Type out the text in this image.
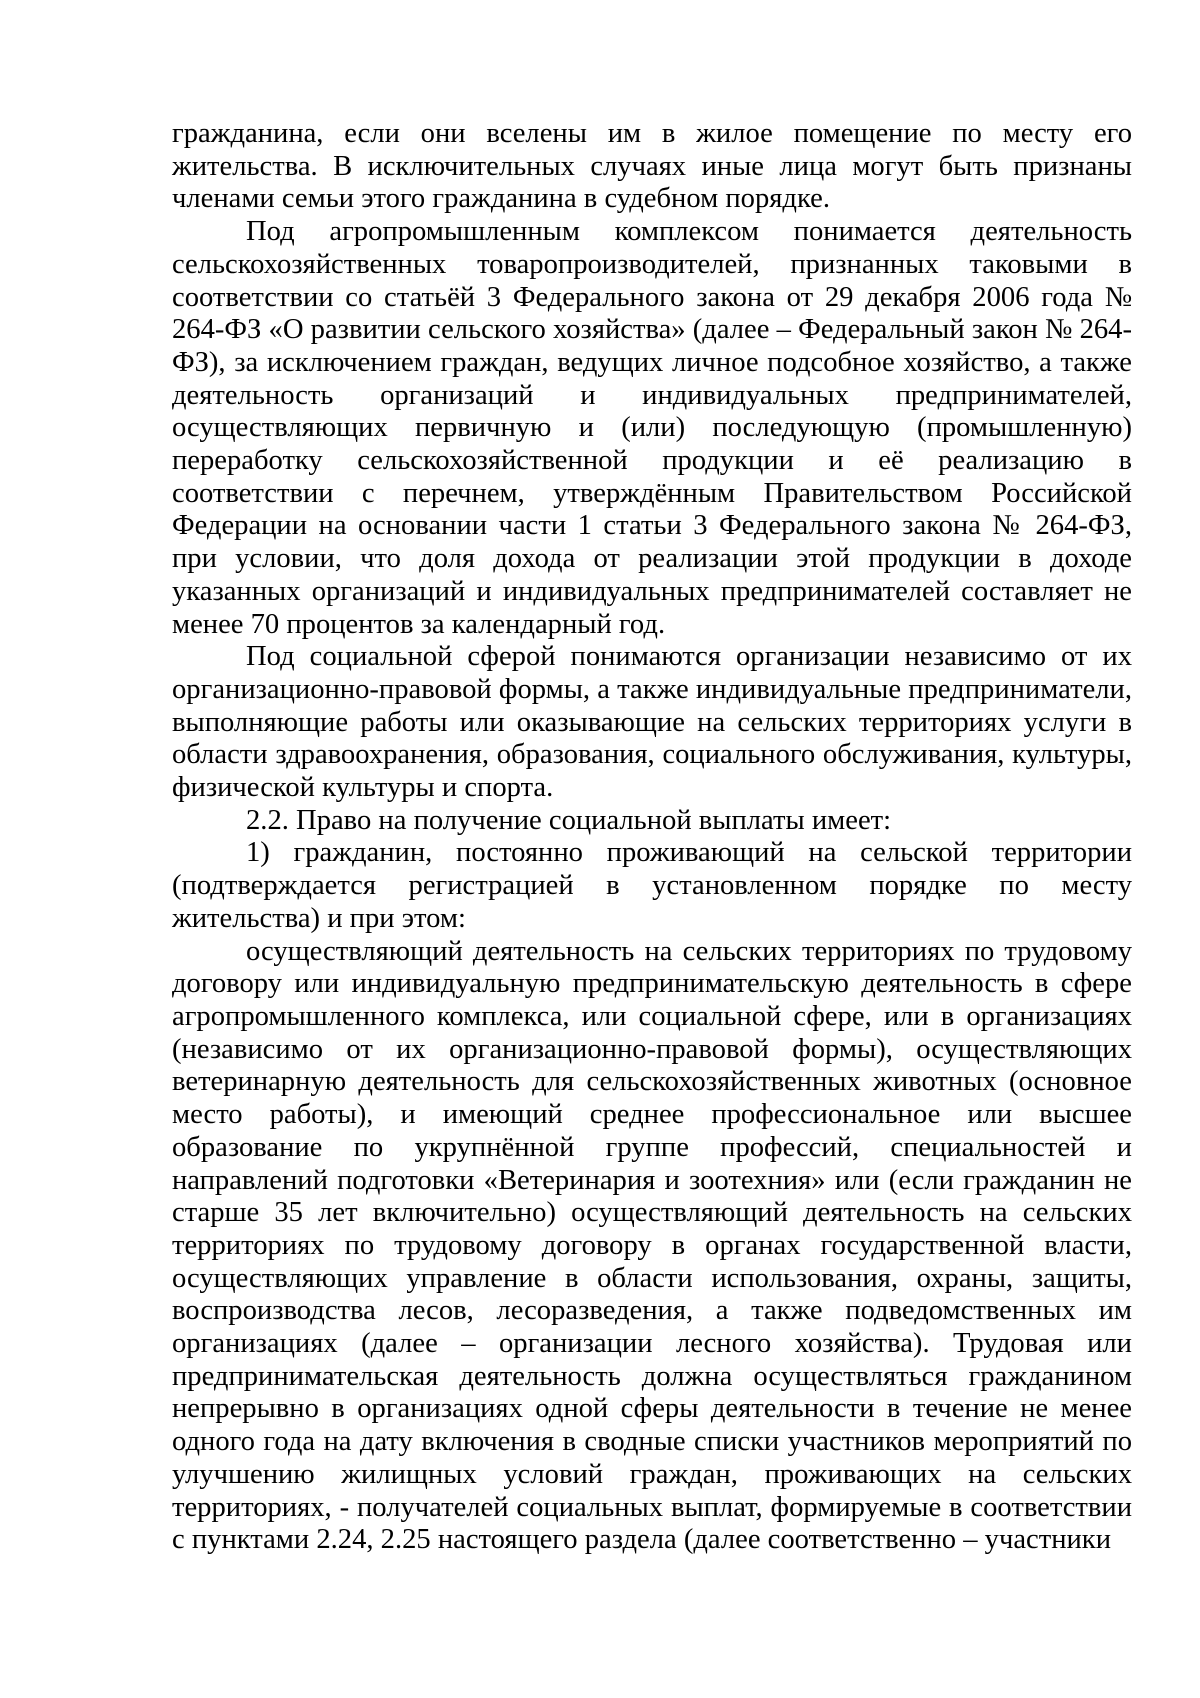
гражданина, если они вселены им в жилое помещение по месту его жительства. В исключительных случаях иные лица могут быть признаны членами семьи этого гражданина в судебном порядке.

Под агропромышленным комплексом понимается деятельность сельскохозяйственных товаропроизводителей, признанных таковыми в соответствии со статьёй 3 Федерального закона от 29 декабря 2006 года № 264-ФЗ «О развитии сельского хозяйства» (далее – Федеральный закон № 264-ФЗ), за исключением граждан, ведущих личное подсобное хозяйство, а также деятельность организаций и индивидуальных предпринимателей, осуществляющих первичную и (или) последующую (промышленную) переработку сельскохозяйственной продукции и её реализацию в соответствии с перечнем, утверждённым Правительством Российской Федерации на основании части 1 статьи 3 Федерального закона № 264-ФЗ, при условии, что доля дохода от реализации этой продукции в доходе указанных организаций и индивидуальных предпринимателей составляет не менее 70 процентов за календарный год.

Под социальной сферой понимаются организации независимо от их организационно-правовой формы, а также индивидуальные предприниматели, выполняющие работы или оказывающие на сельских территориях услуги в области здравоохранения, образования, социального обслуживания, культуры, физической культуры и спорта.

2.2. Право на получение социальной выплаты имеет:

1) гражданин, постоянно проживающий на сельской территории (подтверждается регистрацией в установленном порядке по месту жительства) и при этом:

осуществляющий деятельность на сельских территориях по трудовому договору или индивидуальную предпринимательскую деятельность в сфере агропромышленного комплекса, или социальной сфере, или в организациях (независимо от их организационно-правовой формы), осуществляющих ветеринарную деятельность для сельскохозяйственных животных (основное место работы), и имеющий среднее профессиональное или высшее образование по укрупнённой группе профессий, специальностей и направлений подготовки «Ветеринария и зоотехния» или (если гражданин не старше 35 лет включительно) осуществляющий деятельность на сельских территориях по трудовому договору в органах государственной власти, осуществляющих управление в области использования, охраны, защиты, воспроизводства лесов, лесоразведения, а также подведомственных им организациях (далее – организации лесного хозяйства). Трудовая или предпринимательская деятельность должна осуществляться гражданином непрерывно в организациях одной сферы деятельности в течение не менее одного года на дату включения в сводные списки участников мероприятий по улучшению жилищных условий граждан, проживающих на сельских территориях, - получателей социальных выплат, формируемые в соответствии с пунктами 2.24, 2.25 настоящего раздела (далее соответственно – участники
